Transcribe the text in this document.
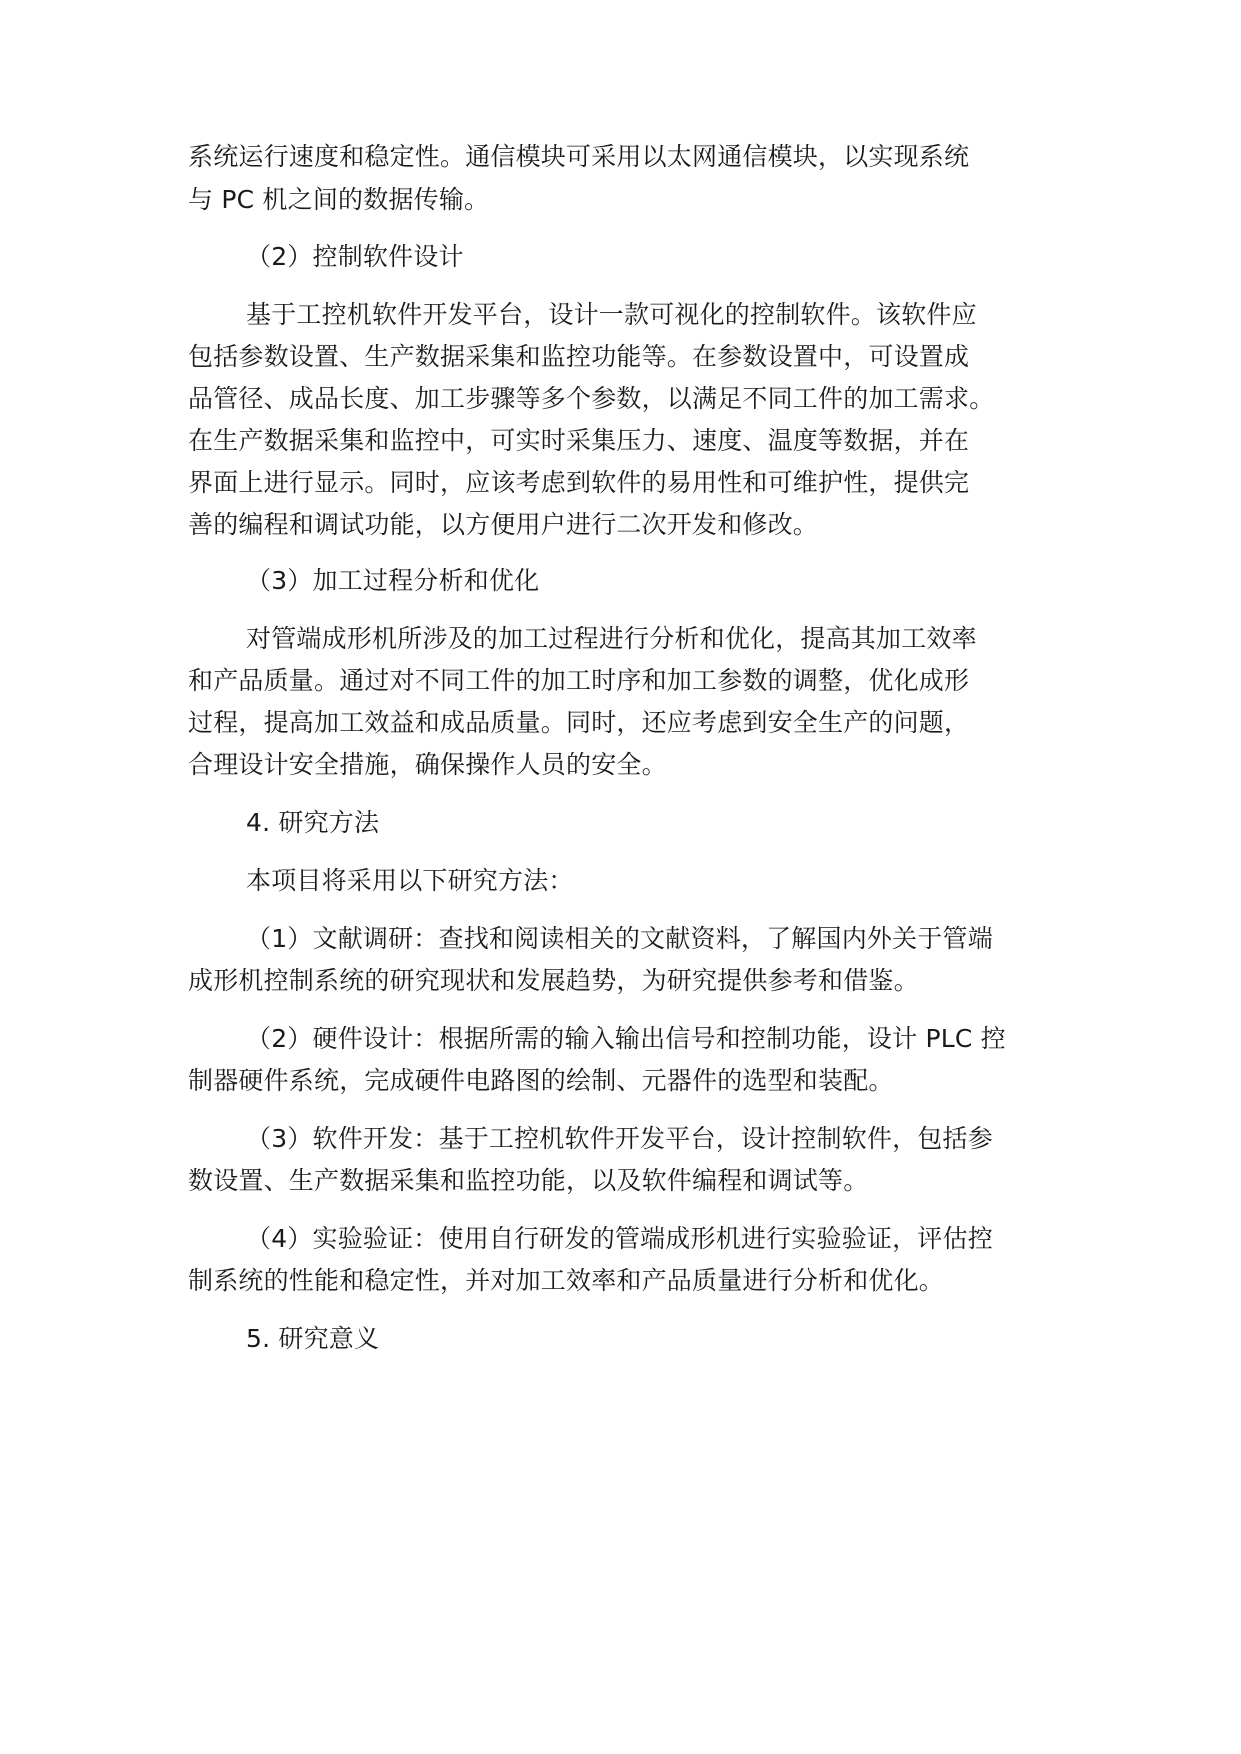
系统运行速度和稳定性。通信模块可采用以太网通信模块，以实现系统
与 PC 机之间的数据传输。
（2）控制软件设计
基于工控机软件开发平台，设计一款可视化的控制软件。该软件应
包括参数设置、生产数据采集和监控功能等。在参数设置中，可设置成
品管径、成品长度、加工步骤等多个参数，以满足不同工件的加工需求。
在生产数据采集和监控中，可实时采集压力、速度、温度等数据，并在
界面上进行显示。同时，应该考虑到软件的易用性和可维护性，提供完
善的编程和调试功能，以方便用户进行二次开发和修改。
（3）加工过程分析和优化
对管端成形机所涉及的加工过程进行分析和优化，提高其加工效率
和产品质量。通过对不同工件的加工时序和加工参数的调整，优化成形
过程，提高加工效益和成品质量。同时，还应考虑到安全生产的问题，
合理设计安全措施，确保操作人员的安全。
4. 研究方法
本项目将采用以下研究方法：
（1）文献调研：查找和阅读相关的文献资料，了解国内外关于管端
成形机控制系统的研究现状和发展趋势，为研究提供参考和借鉴。
（2）硬件设计：根据所需的输入输出信号和控制功能，设计 PLC 控
制器硬件系统，完成硬件电路图的绘制、元器件的选型和装配。
（3）软件开发：基于工控机软件开发平台，设计控制软件，包括参
数设置、生产数据采集和监控功能，以及软件编程和调试等。
（4）实验验证：使用自行研发的管端成形机进行实验验证，评估控
制系统的性能和稳定性，并对加工效率和产品质量进行分析和优化。
5. 研究意义
